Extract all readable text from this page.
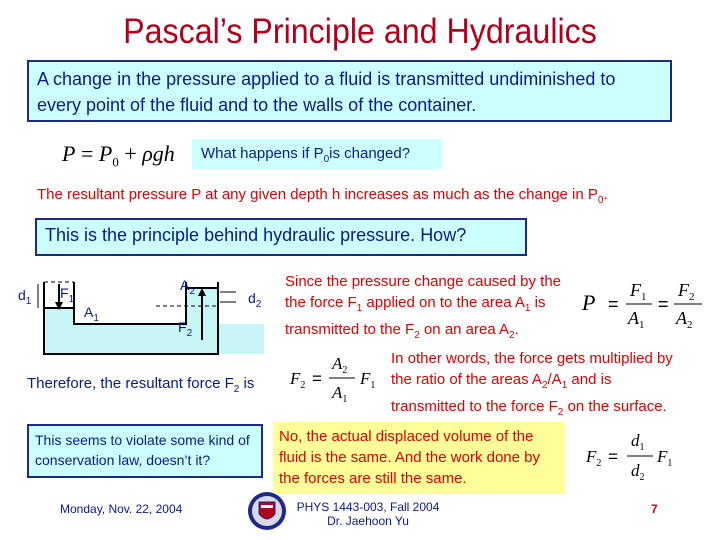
Pascal’s Principle and Hydraulics
A change in the pressure applied to a fluid is transmitted undiminished to every point of the fluid and to the walls of the container.
$P = P_0 + \rho gh$	What happens if $P_0is$ changed?
The resultant pressure P at any given depth h increases as much as the change in $P_0$.
This is the principle behind hydraulic pressure. How?
$d_1$
$F_1$
$A_1$
$A_2$
$F_2$
$d_2$
Since the pressure change caused by the
the force $F_1$ applied on to the area $A_1$ is
transmitted to the $F_2$ on an area $A_2$.
P =
$F_1$
$A_1$
=
$F_2$
$A_2$
In other words, the force gets multiplied by
the ratio of the areas $A_2/A_1$ and is
transmitted to the force $F_2$ on the surface.
Therefore, the resultant force $F_2$ is $F_2$ =
$A_2$
$A_1$
$F_1$
This seems to violate some kind of conservation law, doesn’t it?
No, the actual displaced volume of the fluid is the same. And the work done by the forces are still the same.
$F_2$ =
$d_1$
$d_2$
$F_1$
Monday, Nov. 22, 2004	PHYS 1443-003, Fall 2004
Dr. Jaehoon Yu
7
